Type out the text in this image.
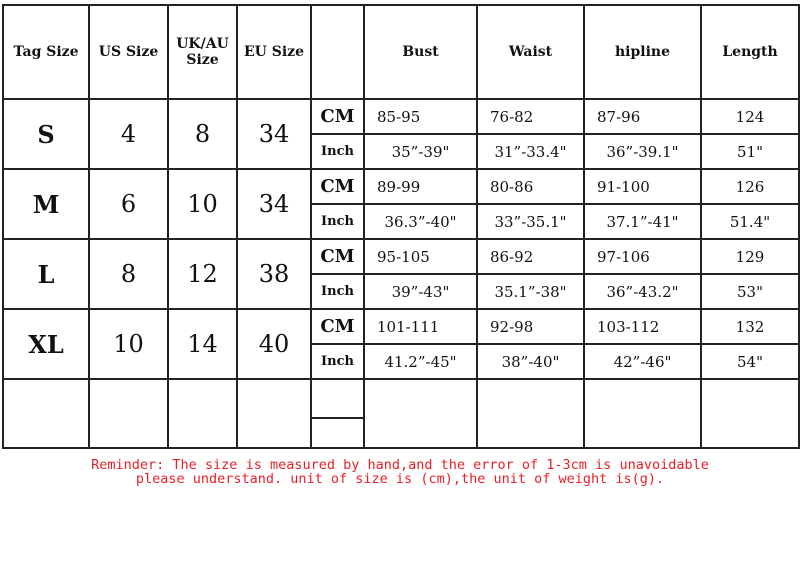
Tag Size	US Size	UK/AU
Size	EU Size		Bust	Waist	hipline	Length
S	4	8	34	CM	85-95	76-82	87-96	124
				Inch	35”-39"	31”-33.4"	36”-39.1"	51"
M	6	10	34	CM	89-99	80-86	91-100	126
				Inch	36.3”-40"	33”-35.1"	37.1”-41"	51.4"
L	8	12	38	CM	95-105	86-92	97-106	129
				Inch	39”-43"	35.1”-38"	36”-43.2"	53"
XL	10	14	40	CM	101-111	92-98	103-112	132
				Inch	41.2”-45"	38”-40"	42”-46"	54"

Reminder: The size is measured by hand,and the error of 1-3cm is unavoidable
please understand. unit of size is (cm),the unit of weight is(g).
